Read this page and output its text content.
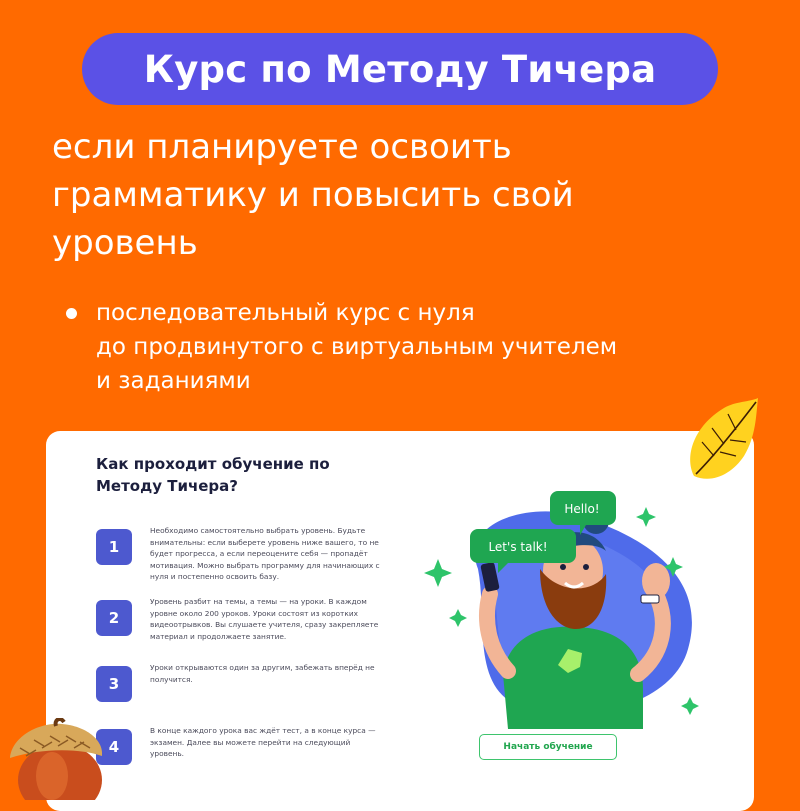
Курс по Методу Тичера
если планируете освоить
грамматику и повысить свой
уровень
последовательный курс с нуля
до продвинутого с виртуальным учителем
и заданиями
Как проходит обучение по Методу Тичера?
1
Необходимо самостоятельно выбрать уровень. Будьте внимательны: если выберете уровень ниже вашего, то не будет прогресса, а если переоцените себя — пропадёт мотивация. Можно выбрать программу для начинающих с нуля и постепенно освоить базу.
2
Уровень разбит на темы, а темы — на уроки. В каждом уровне около 200 уроков. Уроки состоят из коротких видеоотрывков. Вы слушаете учителя, сразу закрепляете материал и продолжаете занятие.
3
Уроки открываются один за другим, забежать вперёд не получится.
4
В конце каждого урока вас ждёт тест, а в конце курса — экзамен. Далее вы можете перейти на следующий уровень.
Let's talk!
Hello!
Начать обучение
